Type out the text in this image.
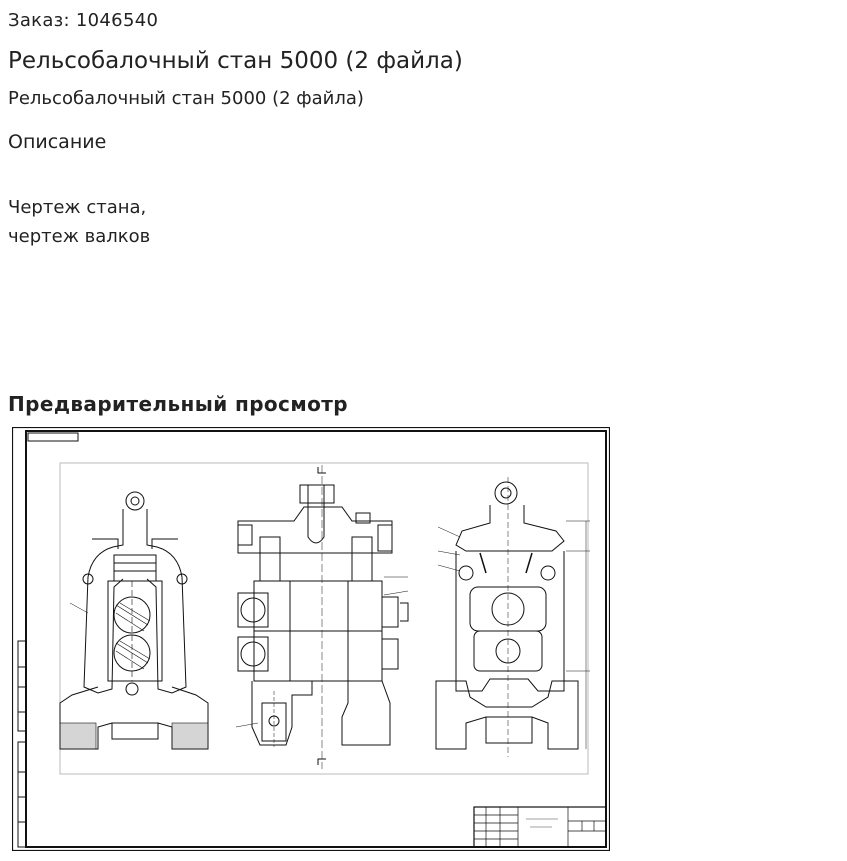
Заказ: 1046540
Рельсобалочный стан 5000 (2 файла)
Рельсобалочный стан 5000 (2 файла)
Описание
Чертеж стана,
чертеж валков
Предварительный просмотр
